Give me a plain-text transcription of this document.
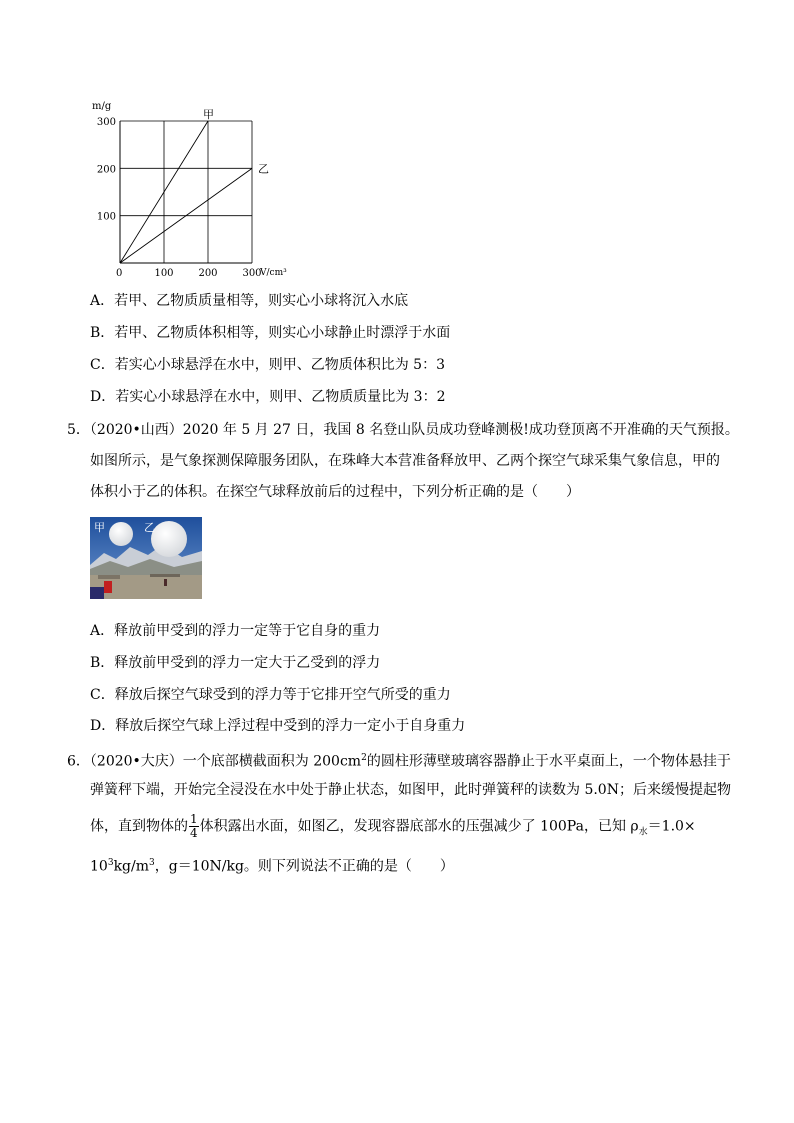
100 200 300
100
200
300
0
m/g
V/cm³
甲
乙
A．若甲、乙物质质量相等，则实心小球将沉入水底
B．若甲、乙物质体积相等，则实心小球静止时漂浮于水面
C．若实心小球悬浮在水中，则甲、乙物质体积比为 5：3
D．若实心小球悬浮在水中，则甲、乙物质质量比为 3：2
5．（2020•山西）2020 年 5 月 27 日，我国 8 名登山队员成功登峰测极!成功登顶离不开准确的天气预报。
如图所示，是气象探测保障服务团队，在珠峰大本营准备释放甲、乙两个探空气球采集气象信息，甲的
体积小于乙的体积。在探空气球释放前后的过程中，下列分析正确的是（　　）
甲	乙
A．释放前甲受到的浮力一定等于它自身的重力
B．释放前甲受到的浮力一定大于乙受到的浮力
C．释放后探空气球受到的浮力等于它排开空气所受的重力
D．释放后探空气球上浮过程中受到的浮力一定小于自身重力
6．（2020•大庆）一个底部横截面积为 $200cm^2$的圆柱形薄壁玻璃容器静止于水平桌面上，一个物体悬挂于
弹簧秤下端，开始完全浸没在水中处于静止状态，如图甲，此时弹簧秤的读数为 5.0N；后来缓慢提起物
体，直到物体的 $\frac{1}{4}$ 体积露出水面，如图乙，发现容器底部水的压强减少了 100Pa，已知 $\rho_水=1.0\times$
$10^3kg/m^3$，g＝10N/kg。则下列说法不正确的是（　　）
